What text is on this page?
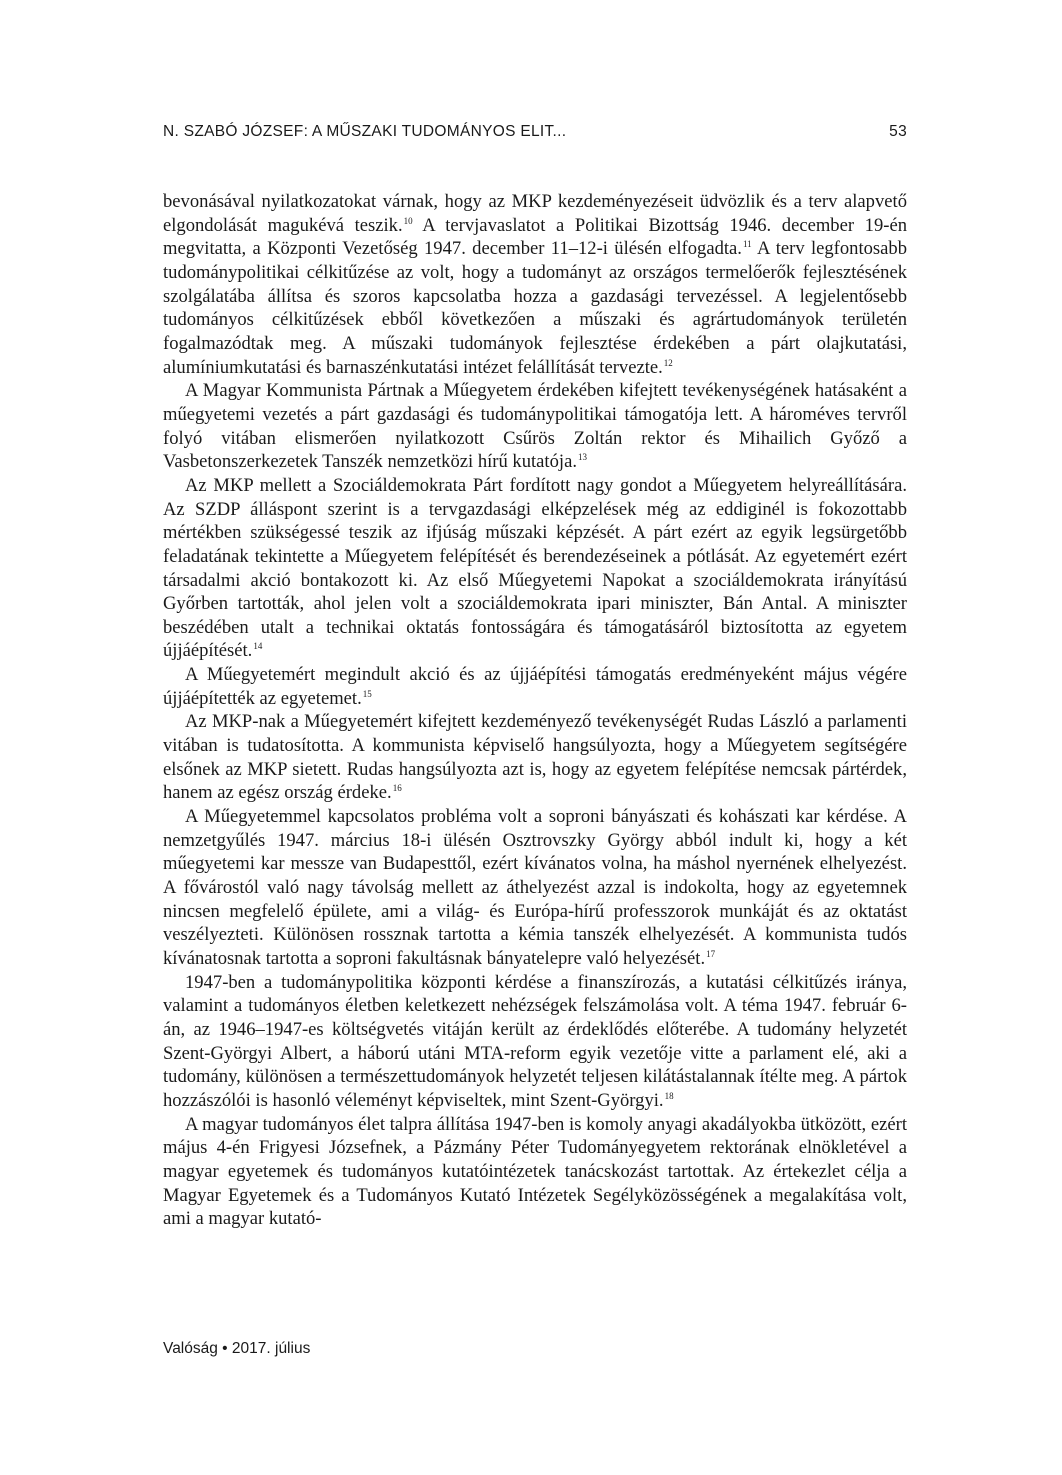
N. SZABÓ JÓZSEF: A MŰSZAKI TUDOMÁNYOS ELIT...	53

bevonásával nyilatkozatokat várnak, hogy az MKP kezdeményezéseit üdvözlik és a terv alapvető elgondolását magukévá teszik.$^{10}$ A tervjavaslatot a Politikai Bizottság 1946. december 19-én megvitatta, a Központi Vezetőség 1947. december 11–12-i ülésén elfogadta.$^{11}$ A terv legfontosabb tudománypolitikai célkitűzése az volt, hogy a tudományt az országos termelőerők fejlesztésének szolgálatába állítsa és szoros kapcsolatba hozza a gazdasági tervezéssel. A legjelentősebb tudományos célkitűzések ebből következően a műszaki és agrártudományok területén fogalmazódtak meg. A műszaki tudományok fejlesztése érdekében a párt olajkutatási, alumíniumkutatási és barnaszénkutatási intézet felállítását tervezte.$^{12}$

A Magyar Kommunista Pártnak a Műegyetem érdekében kifejtett tevékenységének hatásaként a műegyetemi vezetés a párt gazdasági és tudománypolitikai támogatója lett. A hároméves tervről folyó vitában elismerően nyilatkozott Csűrös Zoltán rektor és Mihailich Győző a Vasbetonszerkezetek Tanszék nemzetközi hírű kutatója.$^{13}$

Az MKP mellett a Szociáldemokrata Párt fordított nagy gondot a Műegyetem helyreállítására. Az SZDP álláspont szerint is a tervgazdasági elképzelések még az eddiginél is fokozottabb mértékben szükségessé teszik az ifjúság műszaki képzését. A párt ezért az egyik legsürgetőbb feladatának tekintette a Műegyetem felépítését és berendezéseinek a pótlását. Az egyetemért ezért társadalmi akció bontakozott ki. Az első Műegyetemi Napokat a szociáldemokrata irányítású Győrben tartották, ahol jelen volt a szociáldemokrata ipari miniszter, Bán Antal. A miniszter beszédében utalt a technikai oktatás fontosságára és támogatásáról biztosította az egyetem újjáépítését.$^{14}$

A Műegyetemért megindult akció és az újjáépítési támogatás eredményeként május végére újjáépítették az egyetemet.$^{15}$

Az MKP-nak a Műegyetemért kifejtett kezdeményező tevékenységét Rudas László a parlamenti vitában is tudatosította. A kommunista képviselő hangsúlyozta, hogy a Műegyetem segítségére elsőnek az MKP sietett. Rudas hangsúlyozta azt is, hogy az egyetem felépítése nemcsak pártérdek, hanem az egész ország érdeke.$^{16}$

A Műegyetemmel kapcsolatos probléma volt a soproni bányászati és kohászati kar kérdése. A nemzetgyűlés 1947. március 18-i ülésén Osztrovszky György abból indult ki, hogy a két műegyetemi kar messze van Budapesttől, ezért kívánatos volna, ha máshol nyernének elhelyezést. A fővárostól való nagy távolság mellett az áthelyezést azzal is indokolta, hogy az egyetemnek nincsen megfelelő épülete, ami a világ- és Európa-hírű professzorok munkáját és az oktatást veszélyezteti. Különösen rossznak tartotta a kémia tanszék elhelyezését. A kommunista tudós kívánatosnak tartotta a soproni fakultásnak bányatelepre való helyezését.$^{17}$

1947-ben a tudománypolitika központi kérdése a finanszírozás, a kutatási célkitűzés iránya, valamint a tudományos életben keletkezett nehézségek felszámolása volt. A téma 1947. február 6-án, az 1946–1947-es költségvetés vitáján került az érdeklődés előterébe. A tudomány helyzetét Szent-Györgyi Albert, a háború utáni MTA-reform egyik vezetője vitte a parlament elé, aki a tudomány, különösen a természettudományok helyzetét teljesen kilátástalannak ítélte meg. A pártok hozzászólói is hasonló véleményt képviseltek, mint Szent-Györgyi.$^{18}$

A magyar tudományos élet talpra állítása 1947-ben is komoly anyagi akadályokba ütközött, ezért május 4-én Frigyesi Józsefnek, a Pázmány Péter Tudományegyetem rektorának elnökletével a magyar egyetemek és tudományos kutatóintézetek tanácskozást tartottak. Az értekezlet célja a Magyar Egyetemek és a Tudományos Kutató Intézetek Segélyközösségének a megalakítása volt, ami a magyar kutató-

Valóság • 2017. július
